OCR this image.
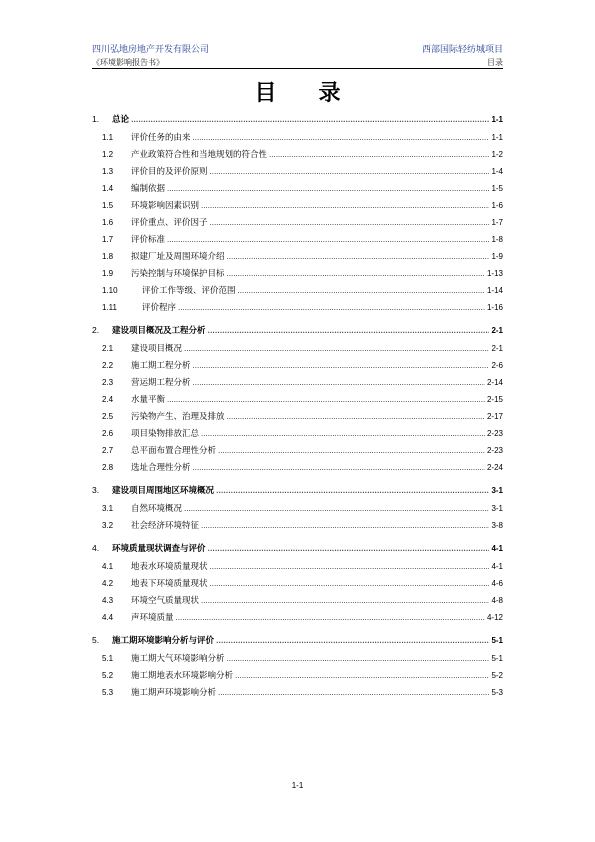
四川弘地房地产开发有限公司	西部国际轻纺城项目
《环境影响报告书》	目录
目录
1.	总论 .....	1-1
1.1	评价任务的由来 .....	1-1
1.2	产业政策符合性和当地规划的符合性 .....	1-2
1.3	评价目的及评价原则 .....	1-4
1.4	编制依据 .....	1-5
1.5	环境影响因素识别 .....	1-6
1.6	评价重点、评价因子 .....	1-7
1.7	评价标准 .....	1-8
1.8	拟建厂址及周围环境介绍 .....	1-9
1.9	污染控制与环境保护目标 .....	1-13
1.10	评价工作等级、评价范围 .....	1-14
1.11	评价程序 .....	1-16
2.	建设项目概况及工程分析 .....	2-1
2.1	建设项目概况 .....	2-1
2.2	施工期工程分析 .....	2-6
2.3	营运期工程分析 .....	2-14
2.4	水量平衡 .....	2-15
2.5	污染物产生、治理及排放 .....	2-17
2.6	项目染物排放汇总 .....	2-23
2.7	总平面布置合理性分析 .....	2-23
2.8	选址合理性分析 .....	2-24
3.	建设项目周围地区环境概况 .....	3-1
3.1	自然环境概况 .....	3-1
3.2	社会经济环境特征 .....	3-8
4.	环境质量现状调查与评价 .....	4-1
4.1	地表水环境质量现状 .....	4-1
4.2	地表下环境质量现状 .....	4-6
4.3	环境空气质量现状 .....	4-8
4.4	声环境质量 .....	4-12
5.	施工期环境影响分析与评价 .....	5-1
5.1	施工期大气环境影响分析 .....	5-1
5.2	施工期地表水环境影响分析 .....	5-2
5.3	施工期声环境影响分析 .....	5-3
1-1
